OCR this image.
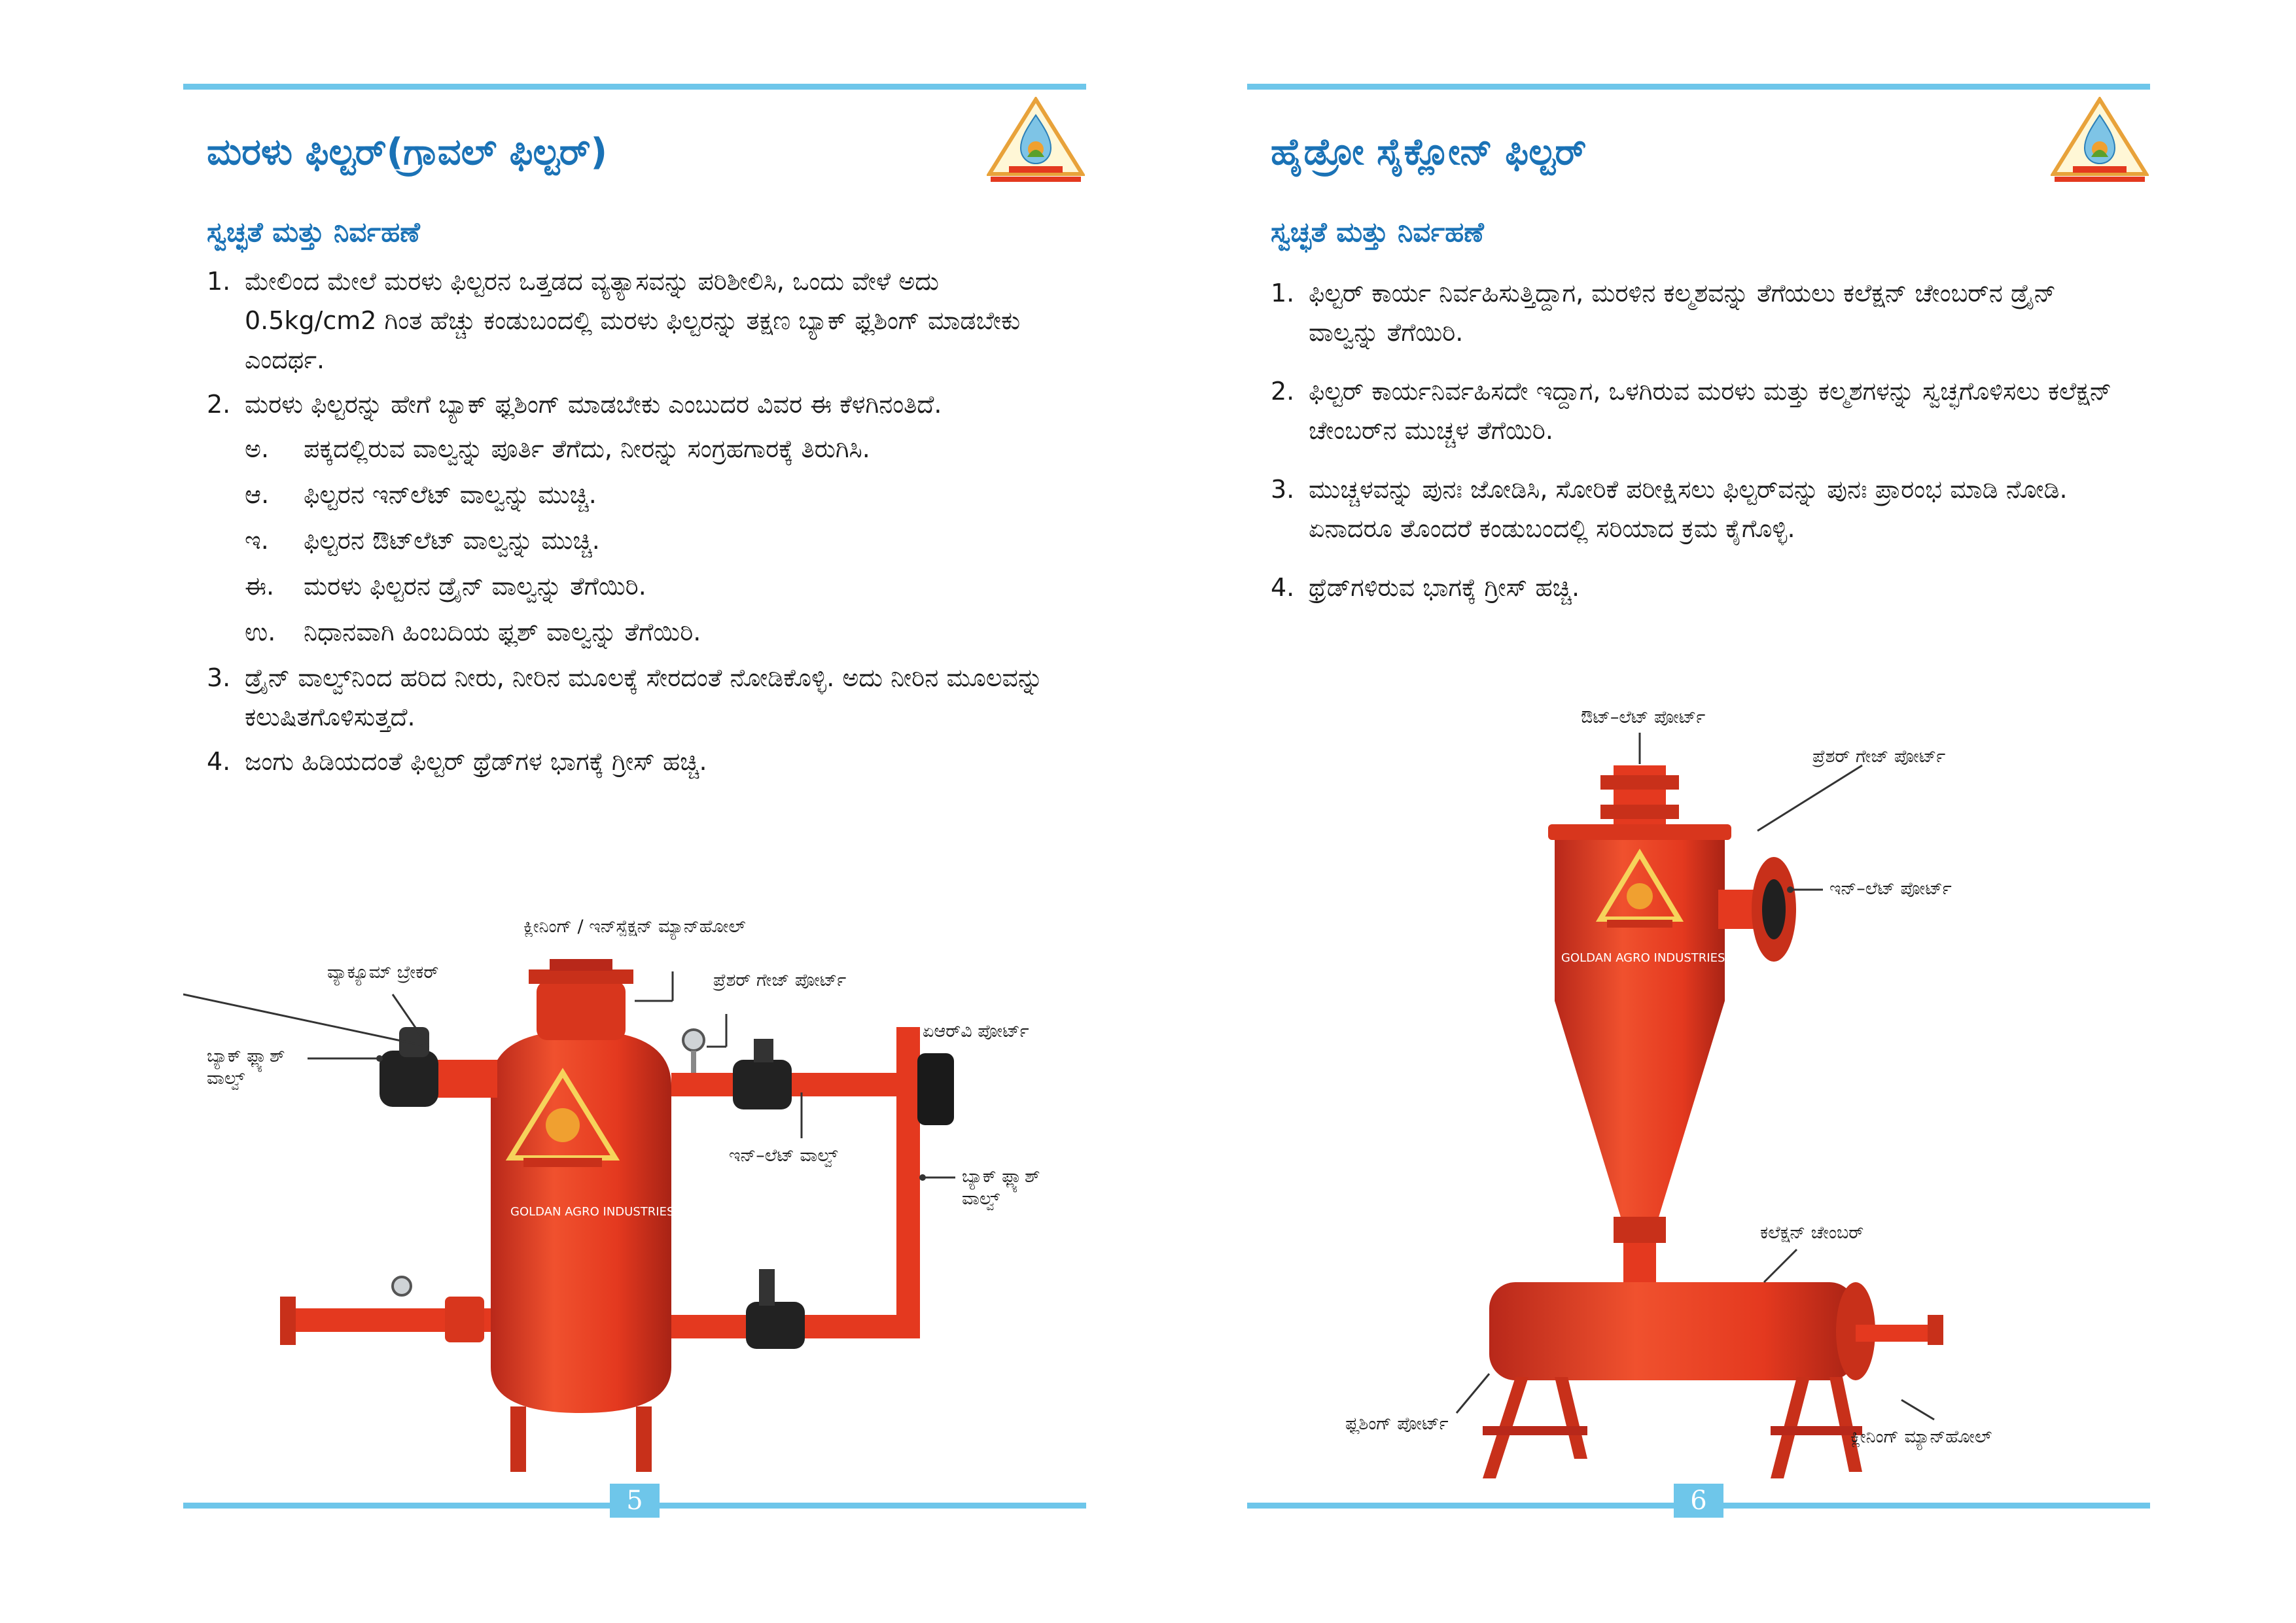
ಮರಳು ಫಿಲ್ಟರ್(ಗ್ರಾವಲ್ ಫಿಲ್ಟರ್)
ಸ್ವಚ್ಛತೆ ಮತ್ತು ನಿರ್ವಹಣೆ
1. ಮೇಲಿಂದ ಮೇಲೆ ಮರಳು ಫಿಲ್ಟರನ ಒತ್ತಡದ ವ್ಯತ್ಯಾಸವನ್ನು ಪರಿಶೀಲಿಸಿ, ಒಂದು ವೇಳೆ ಅದು 0.5kg/cm2 ಗಿಂತ ಹೆಚ್ಚು ಕಂಡುಬಂದಲ್ಲಿ ಮರಳು ಫಿಲ್ಟರನ್ನು ತಕ್ಷಣ ಬ್ಯಾಕ್ ಫ್ಲಶಿಂಗ್ ಮಾಡಬೇಕು ಎಂದರ್ಥ.
2. ಮರಳು ಫಿಲ್ಟರನ್ನು ಹೇಗೆ ಬ್ಯಾಕ್ ಫ್ಲಶಿಂಗ್ ಮಾಡಬೇಕು ಎಂಬುದರ ವಿವರ ಈ ಕೆಳಗಿನಂತಿದೆ.
ಅ.	ಪಕ್ಕದಲ್ಲಿರುವ ವಾಲ್ವನ್ನು ಪೂರ್ತಿ ತೆಗೆದು, ನೀರನ್ನು ಸಂಗ್ರಹಗಾರಕ್ಕೆ ತಿರುಗಿಸಿ.
ಆ.	ಫಿಲ್ಟರನ ಇನ್‌ಲೆಟ್ ವಾಲ್ವನ್ನು ಮುಚ್ಚಿ.
ಇ.	ಫಿಲ್ಟರನ ಔಟ್‌ಲೆಟ್ ವಾಲ್ವನ್ನು ಮುಚ್ಚಿ.
ಈ.	ಮರಳು ಫಿಲ್ಟರನ ಡ್ರೈನ್ ವಾಲ್ವನ್ನು ತೆಗೆಯಿರಿ.
ಉ.	ನಿಧಾನವಾಗಿ ಹಿಂಬದಿಯ ಫ್ಲಶ್ ವಾಲ್ವನ್ನು ತೆಗೆಯಿರಿ.
3. ಡ್ರೈನ್ ವಾಲ್ವ್‌ನಿಂದ ಹರಿದ ನೀರು, ನೀರಿನ ಮೂಲಕ್ಕೆ ಸೇರದಂತೆ ನೋಡಿಕೊಳ್ಳಿ. ಅದು ನೀರಿನ ಮೂಲವನ್ನು ಕಲುಷಿತಗೊಳಿಸುತ್ತದೆ.
4. ಜಂಗು ಹಿಡಿಯದಂತೆ ಫಿಲ್ಟರ್ ಥ್ರೆಡ್‌ಗಳ ಭಾಗಕ್ಕೆ ಗ್ರೀಸ್ ಹಚ್ಚಿ.
ಕ್ಲೀನಿಂಗ್ / ಇನ್‌ಸ್ಪೆಕ್ಷನ್ ಮ್ಯಾನ್‌ಹೋಲ್
ವ್ಯಾಕ್ಯೂಮ್ ಬ್ರೇಕರ್	ಪ್ರೆಶರ್ ಗೇಜ್ ಪೋರ್ಟ್
ಏಆರ್‌ವಿ ಪೋರ್ಟ್
ಬ್ಯಾಕ್ ಫ್ಲ್ಯಾಶ್
ವಾಲ್ವ್
ಇನ್–ಲೆಟ್ ವಾಲ್ವ್
ಬ್ಯಾಕ್ ಫ್ಲ್ಯಾಶ್
ವಾಲ್ವ್
GOLDAN AGRO INDUSTRIES
5
ಹೈಡ್ರೋ ಸೈಕ್ಲೋನ್ ಫಿಲ್ಟರ್
ಸ್ವಚ್ಛತೆ ಮತ್ತು ನಿರ್ವಹಣೆ
1. ಫಿಲ್ಟರ್ ಕಾರ್ಯ ನಿರ್ವಹಿಸುತ್ತಿದ್ದಾಗ, ಮರಳಿನ ಕಲ್ಮಶವನ್ನು ತೆಗೆಯಲು ಕಲೆಕ್ಷನ್ ಚೇಂಬರ್‌ನ ಡ್ರೈನ್ ವಾಲ್ವನ್ನು ತೆಗೆಯಿರಿ.
2. ಫಿಲ್ಟರ್ ಕಾರ್ಯನಿರ್ವಹಿಸದೇ ಇದ್ದಾಗ, ಒಳಗಿರುವ ಮರಳು ಮತ್ತು ಕಲ್ಮಶಗಳನ್ನು ಸ್ವಚ್ಛಗೊಳಿಸಲು ಕಲೆಕ್ಷನ್ ಚೇಂಬರ್‌ನ ಮುಚ್ಚಳ ತೆಗೆಯಿರಿ.
3. ಮುಚ್ಚಳವನ್ನು ಪುನಃ ಜೋಡಿಸಿ, ಸೋರಿಕೆ ಪರೀಕ್ಷಿಸಲು ಫಿಲ್ಟರ್‌ವನ್ನು ಪುನಃ ಪ್ರಾರಂಭ ಮಾಡಿ ನೋಡಿ. ಏನಾದರೂ ತೊಂದರೆ ಕಂಡುಬಂದಲ್ಲಿ ಸರಿಯಾದ ಕ್ರಮ ಕೈಗೊಳ್ಳಿ.
4. ಥ್ರೆಡ್‌ಗಳಿರುವ ಭಾಗಕ್ಕೆ ಗ್ರೀಸ್ ಹಚ್ಚಿ.
ಔಟ್–ಲೆಟ್ ಪೋರ್ಟ್
ಪ್ರೆಶರ್ ಗೇಜ್ ಪೋರ್ಟ್
ಇನ್–ಲೆಟ್ ಪೋರ್ಟ್
ಕಲೆಕ್ಷನ್ ಚೇಂಬರ್
ಫ್ಲಶಿಂಗ್ ಪೋರ್ಟ್
ಕ್ಲೀನಿಂಗ್ ಮ್ಯಾನ್‌ಹೋಲ್
GOLDAN AGRO INDUSTRIES
6
